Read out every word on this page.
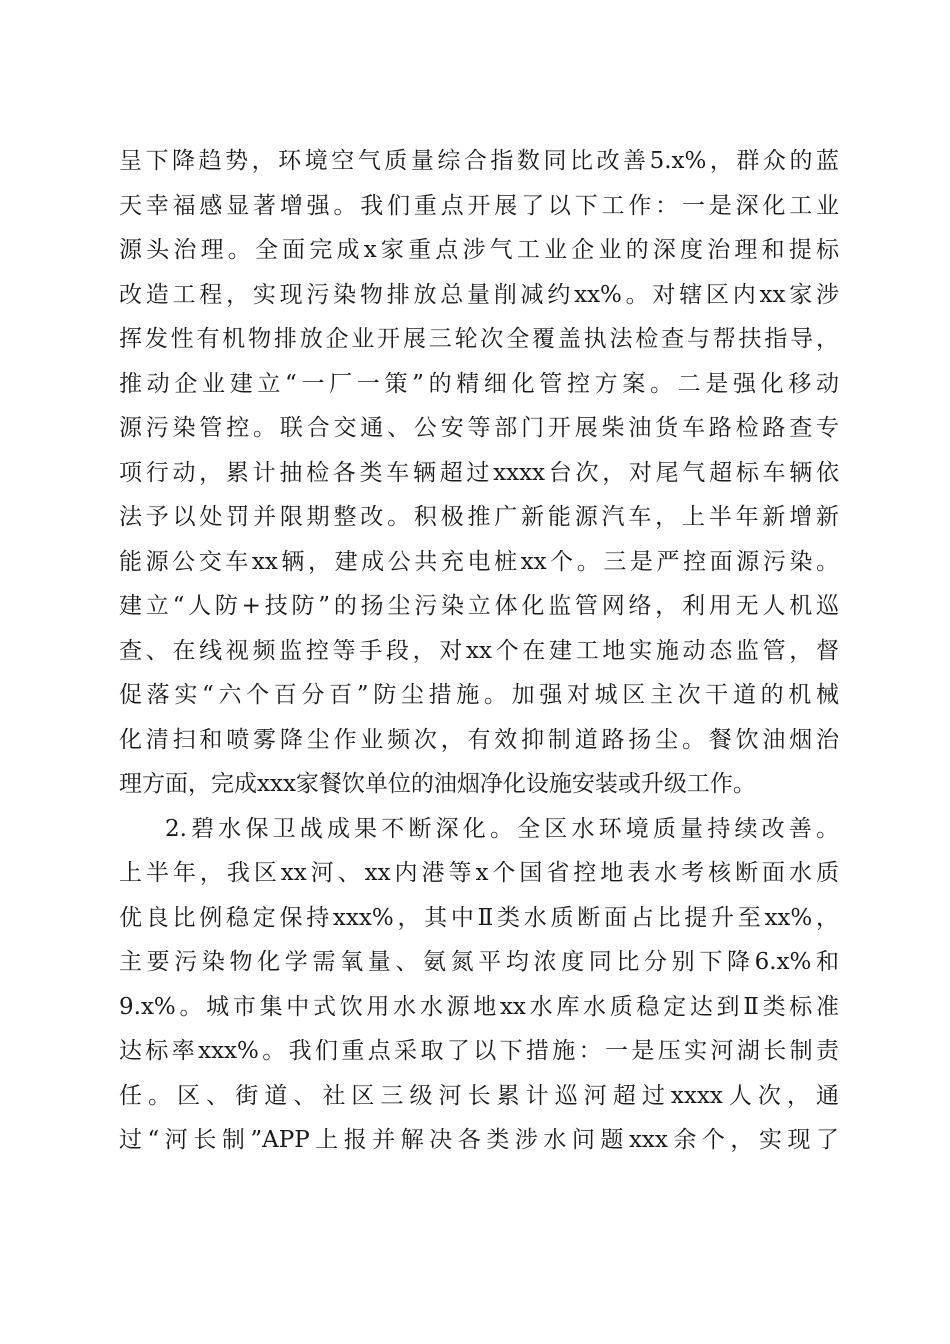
呈下降趋势，环境空气质量综合指数同比改善5.x%，群众的蓝
天幸福感显著增强。我们重点开展了以下工作：一是深化工业
源头治理。全面完成x家重点涉气工业企业的深度治理和提标
改造工程，实现污染物排放总量削减约xx%。对辖区内xx家涉
挥发性有机物排放企业开展三轮次全覆盖执法检查与帮扶指导，
推动企业建立“一厂一策”的精细化管控方案。二是强化移动
源污染管控。联合交通、公安等部门开展柴油货车路检路查专
项行动，累计抽检各类车辆超过xxxx台次，对尾气超标车辆依
法予以处罚并限期整改。积极推广新能源汽车，上半年新增新
能源公交车xx辆，建成公共充电桩xx个。三是严控面源污染。
建立“人防+技防”的扬尘污染立体化监管网络，利用无人机巡
查、在线视频监控等手段，对xx个在建工地实施动态监管，督
促落实“六个百分百”防尘措施。加强对城区主次干道的机械
化清扫和喷雾降尘作业频次，有效抑制道路扬尘。餐饮油烟治
理方面，完成xxx家餐饮单位的油烟净化设施安装或升级工作。
2.碧水保卫战成果不断深化。全区水环境质量持续改善。
上半年，我区xx河、xx内港等x个国省控地表水考核断面水质
优良比例稳定保持xxx%，其中Ⅱ类水质断面占比提升至xx%，
主要污染物化学需氧量、氨氮平均浓度同比分别下降6.x%和
9.x%。城市集中式饮用水水源地xx水库水质稳定达到Ⅱ类标准
达标率xxx%。我们重点采取了以下措施：一是压实河湖长制责
任。区、街道、社区三级河长累计巡河超过xxxx人次，通
过“河长制”APP上报并解决各类涉水问题xxx余个，实现了
